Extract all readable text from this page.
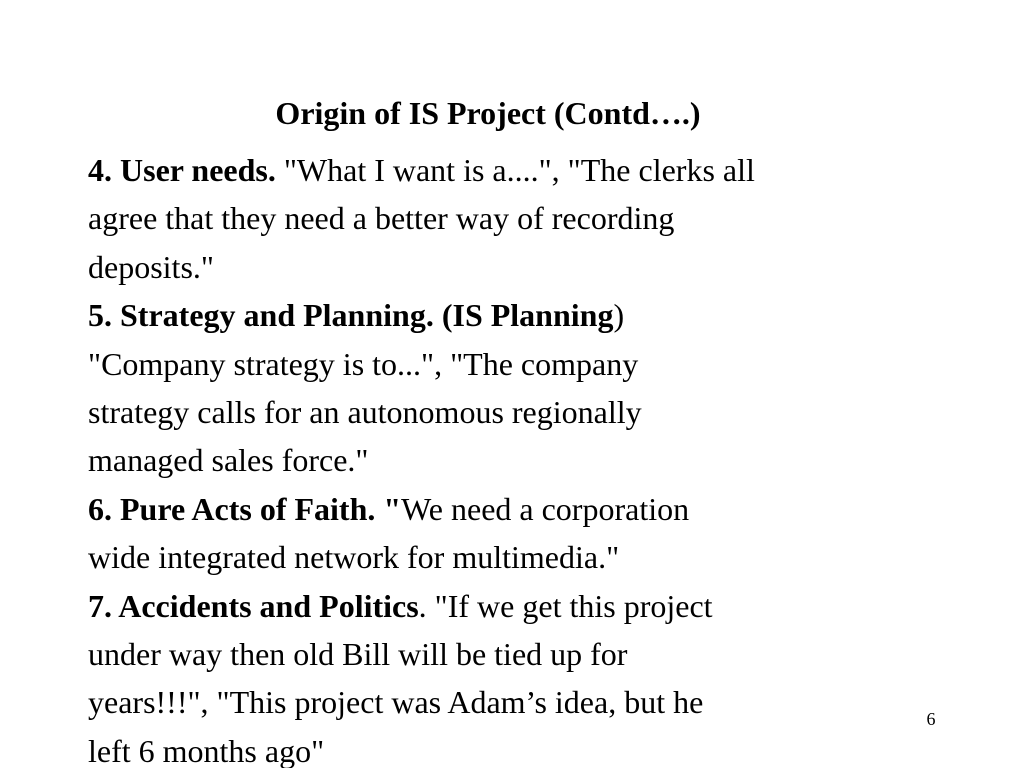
Origin of IS Project (Contd….)

4. User needs. "What I want is a....", "The clerks all
agree that they need a better way of recording
deposits."

5. Strategy and Planning. (IS Planning)
"Company strategy is to...", "The company
strategy calls for an autonomous regionally
managed sales force."

6. Pure Acts of Faith. "We need a corporation
wide integrated network for multimedia."

7. Accidents and Politics. "If we get this project
under way then old Bill will be tied up for
years!!!", "This project was Adam’s idea, but he
left 6 months ago"

6
